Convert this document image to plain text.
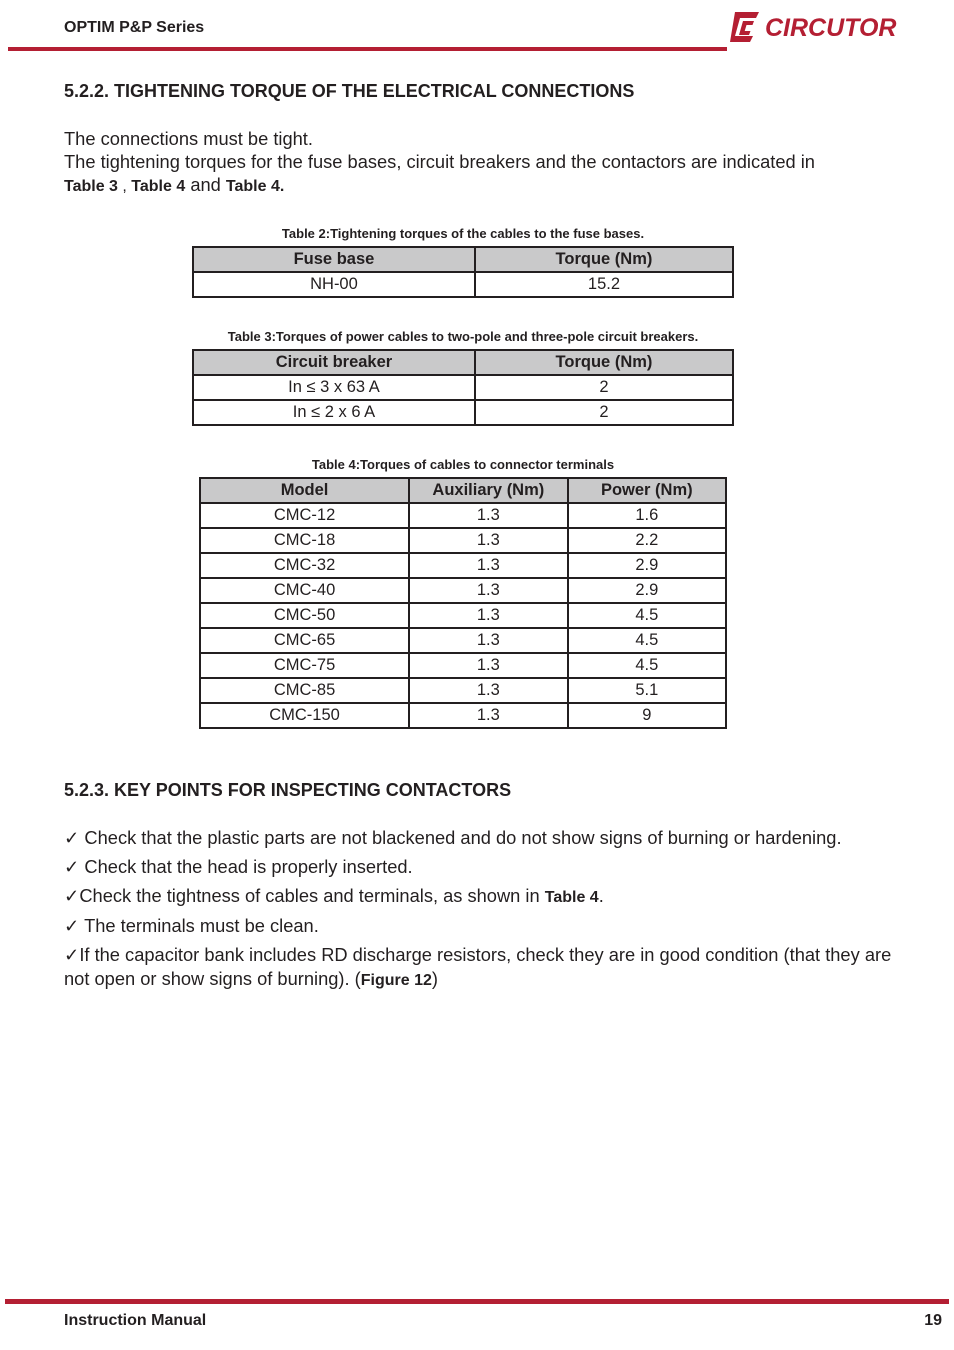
OPTIM P&P Series	CIRCUTOR
5.2.2. TIGHTENING TORQUE OF THE ELECTRICAL CONNECTIONS
The connections must be tight.
The tightening torques for the fuse bases, circuit breakers and the contactors are indicated in
Table 3 , Table 4 and Table 4.
Table 2:Tightening torques of the cables to the fuse bases.
Fuse base	Torque (Nm)
NH-00	15.2
Table 3:Torques of power cables to two-pole and three-pole circuit breakers.
Circuit breaker	Torque (Nm)
In ≤ 3 x 63 A	2
In ≤ 2 x 6 A	2
Table 4:Torques of cables to connector terminals
Model	Auxiliary (Nm)	Power (Nm)
CMC-12	1.3	1.6
CMC-18	1.3	2.2
CMC-32	1.3	2.9
CMC-40	1.3	2.9
CMC-50	1.3	4.5
CMC-65	1.3	4.5
CMC-75	1.3	4.5
CMC-85	1.3	5.1
CMC-150	1.3	9
5.2.3. KEY POINTS FOR INSPECTING CONTACTORS
✓ Check that the plastic parts are not blackened and do not show signs of burning or hardening.
✓ Check that the head is properly inserted.
✓Check the tightness of cables and terminals, as shown in Table 4.
✓ The terminals must be clean.
✓If the capacitor bank includes RD discharge resistors, check they are in good condition (that they are not open or show signs of burning). (Figure 12)
Instruction Manual	19
